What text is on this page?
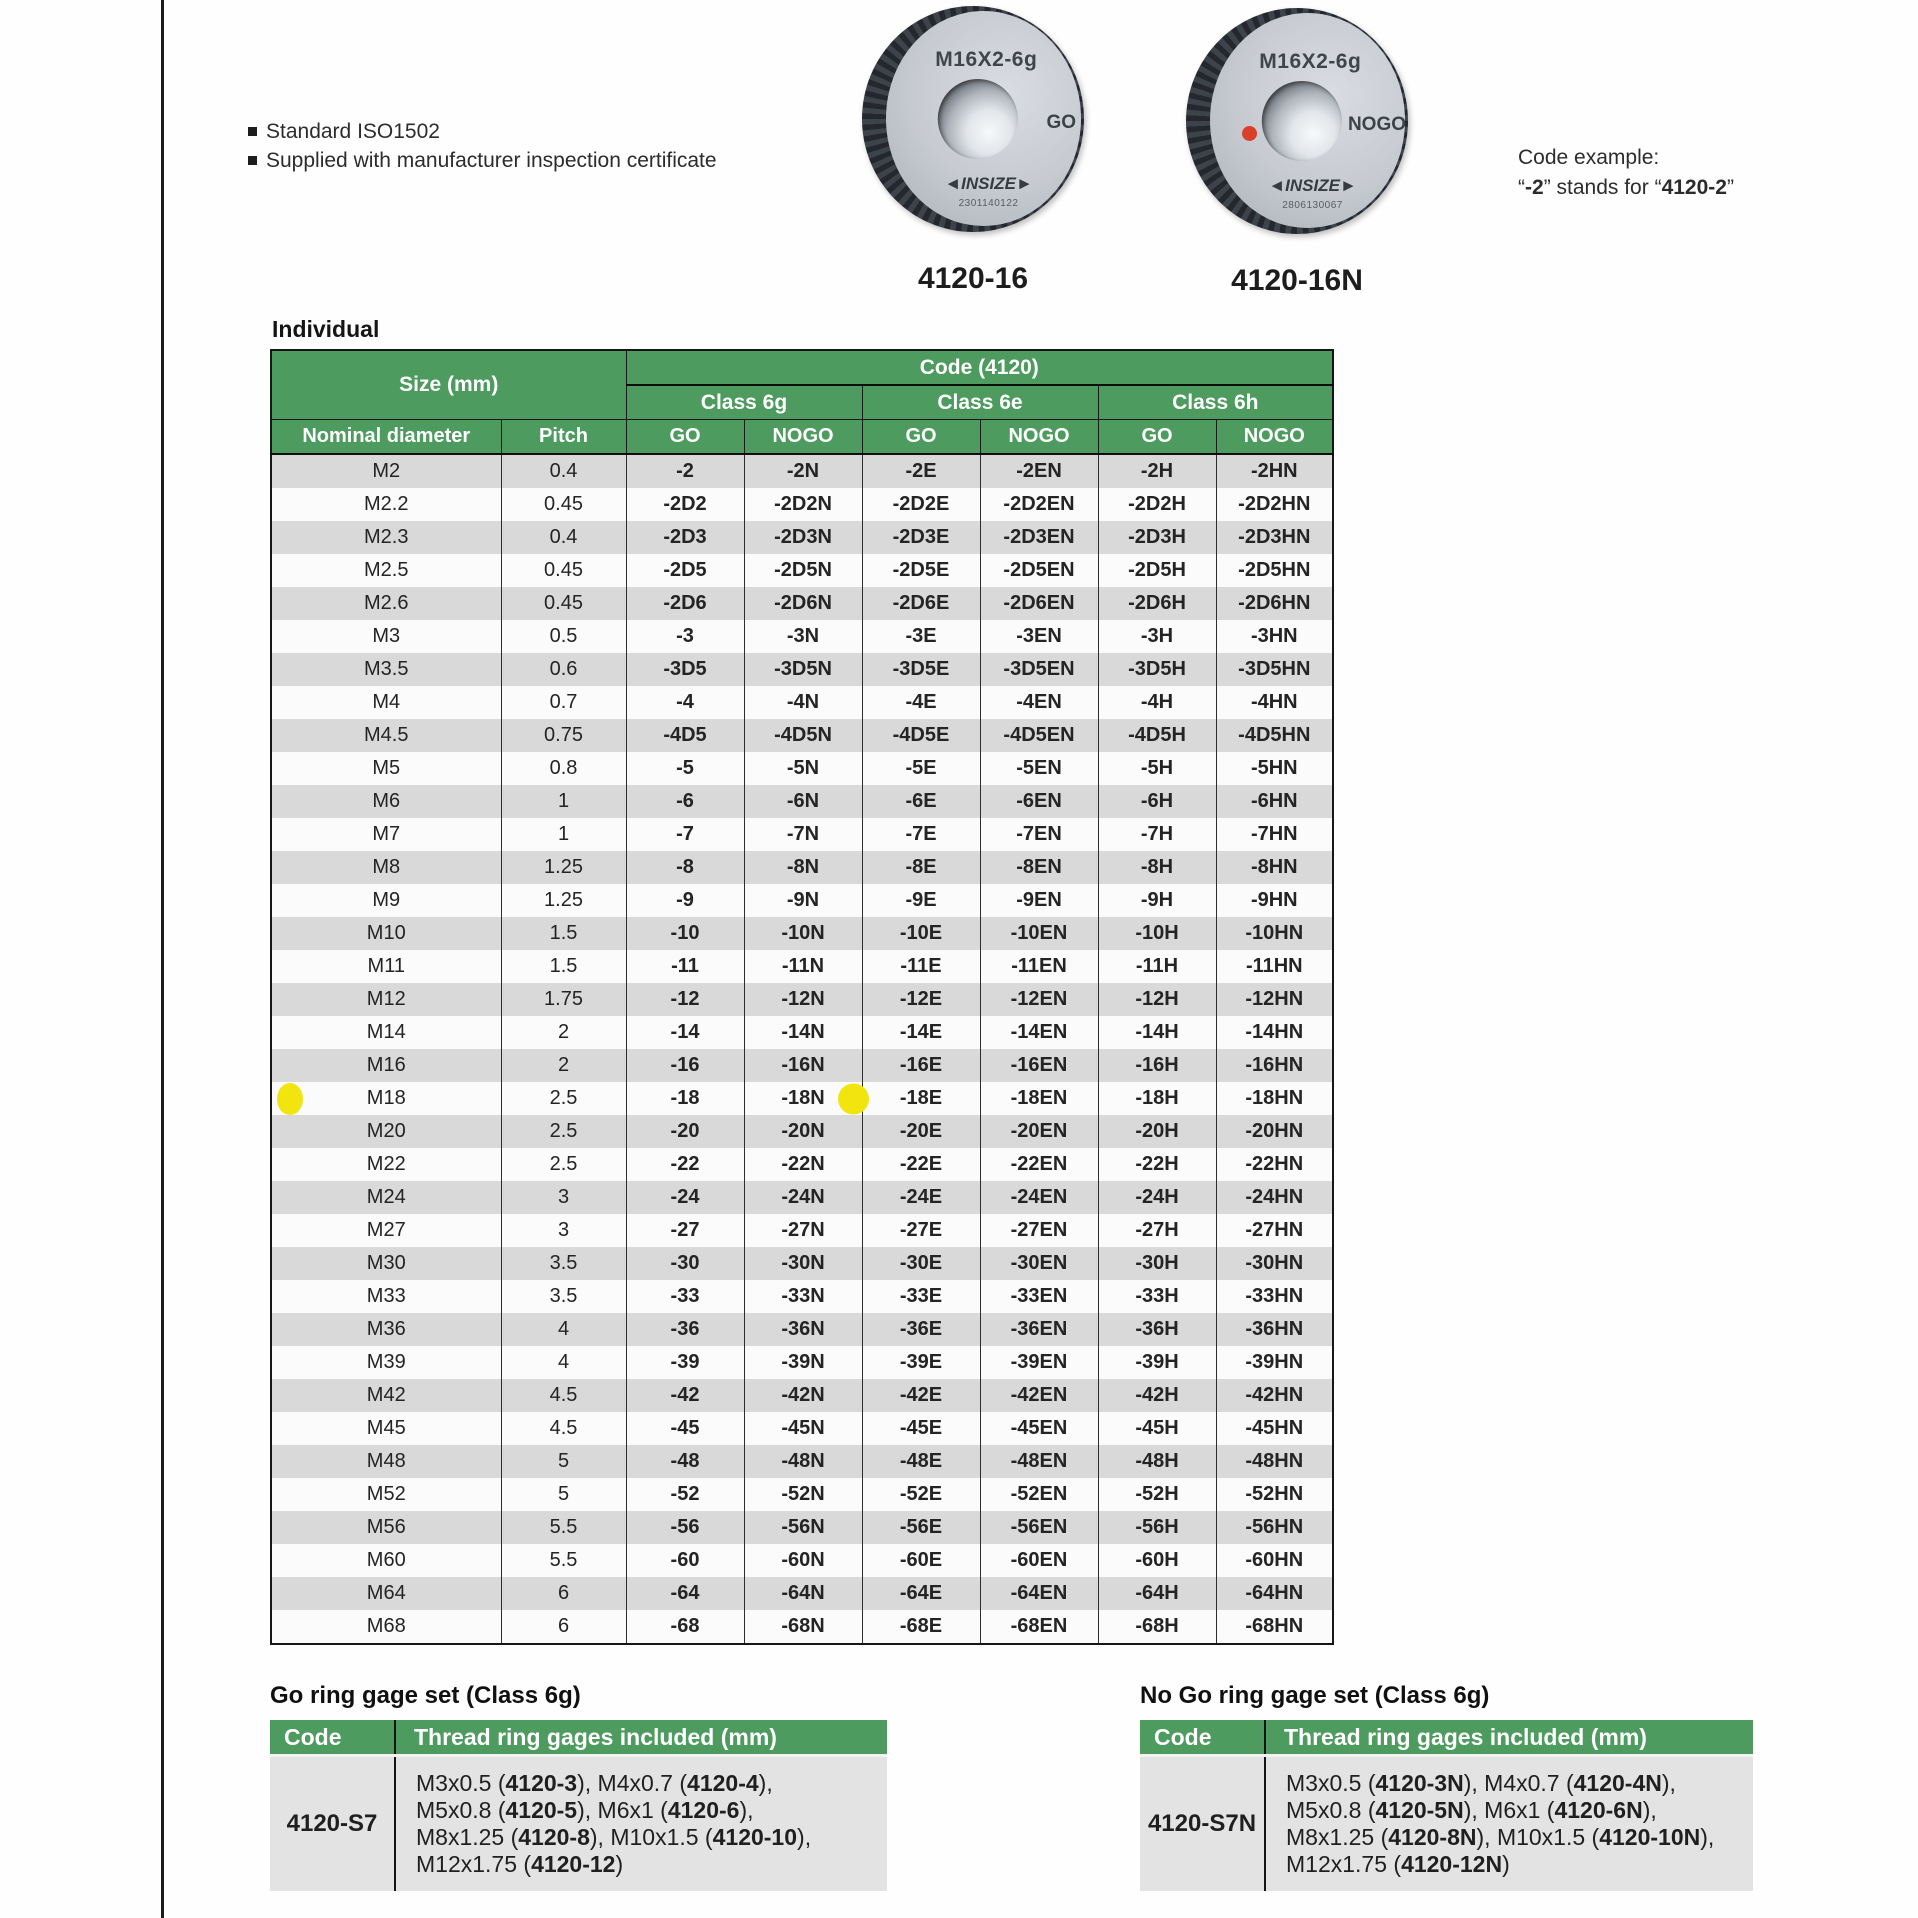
Standard ISO1502
Supplied with manufacturer inspection certificate
M16X2-6g
GO
◄INSIZE►
2301140122
4120-16
M16X2-6g
NOGO
◄INSIZE►
2806130067
4120-16N
Code example:
“-2” stands for “4120-2”
Individual
Size (mm)		Code (4120)					
		Class 6g		Class 6e		Class 6h	
Nominal diameter	Pitch	GO	NOGO	GO	NOGO	GO	NOGO
M2	0.4	-2	-2N	-2E	-2EN	-2H	-2HN
M2.2	0.45	-2D2	-2D2N	-2D2E	-2D2EN	-2D2H	-2D2HN
M2.3	0.4	-2D3	-2D3N	-2D3E	-2D3EN	-2D3H	-2D3HN
M2.5	0.45	-2D5	-2D5N	-2D5E	-2D5EN	-2D5H	-2D5HN
M2.6	0.45	-2D6	-2D6N	-2D6E	-2D6EN	-2D6H	-2D6HN
M3	0.5	-3	-3N	-3E	-3EN	-3H	-3HN
M3.5	0.6	-3D5	-3D5N	-3D5E	-3D5EN	-3D5H	-3D5HN
M4	0.7	-4	-4N	-4E	-4EN	-4H	-4HN
M4.5	0.75	-4D5	-4D5N	-4D5E	-4D5EN	-4D5H	-4D5HN
M5	0.8	-5	-5N	-5E	-5EN	-5H	-5HN
M6	1	-6	-6N	-6E	-6EN	-6H	-6HN
M7	1	-7	-7N	-7E	-7EN	-7H	-7HN
M8	1.25	-8	-8N	-8E	-8EN	-8H	-8HN
M9	1.25	-9	-9N	-9E	-9EN	-9H	-9HN
M10	1.5	-10	-10N	-10E	-10EN	-10H	-10HN
M11	1.5	-11	-11N	-11E	-11EN	-11H	-11HN
M12	1.75	-12	-12N	-12E	-12EN	-12H	-12HN
M14	2	-14	-14N	-14E	-14EN	-14H	-14HN
M16	2	-16	-16N	-16E	-16EN	-16H	-16HN
M18	2.5	-18	-18N	-18E	-18EN	-18H	-18HN
M20	2.5	-20	-20N	-20E	-20EN	-20H	-20HN
M22	2.5	-22	-22N	-22E	-22EN	-22H	-22HN
M24	3	-24	-24N	-24E	-24EN	-24H	-24HN
M27	3	-27	-27N	-27E	-27EN	-27H	-27HN
M30	3.5	-30	-30N	-30E	-30EN	-30H	-30HN
M33	3.5	-33	-33N	-33E	-33EN	-33H	-33HN
M36	4	-36	-36N	-36E	-36EN	-36H	-36HN
M39	4	-39	-39N	-39E	-39EN	-39H	-39HN
M42	4.5	-42	-42N	-42E	-42EN	-42H	-42HN
M45	4.5	-45	-45N	-45E	-45EN	-45H	-45HN
M48	5	-48	-48N	-48E	-48EN	-48H	-48HN
M52	5	-52	-52N	-52E	-52EN	-52H	-52HN
M56	5.5	-56	-56N	-56E	-56EN	-56H	-56HN
M60	5.5	-60	-60N	-60E	-60EN	-60H	-60HN
M64	6	-64	-64N	-64E	-64EN	-64H	-64HN
M68	6	-68	-68N	-68E	-68EN	-68H	-68HN
Go ring gage set (Class 6g)
Code	Thread ring gages included (mm)
4120-S7	M3x0.5 (4120-3), M4x0.7 (4120-4),
M5x0.8 (4120-5), M6x1 (4120-6),
M8x1.25 (4120-8), M10x1.5 (4120-10),
M12x1.75 (4120-12)
No Go ring gage set (Class 6g)
Code	Thread ring gages included (mm)
4120-S7N	M3x0.5 (4120-3N), M4x0.7 (4120-4N),
M5x0.8 (4120-5N), M6x1 (4120-6N),
M8x1.25 (4120-8N), M10x1.5 (4120-10N),
M12x1.75 (4120-12N)
